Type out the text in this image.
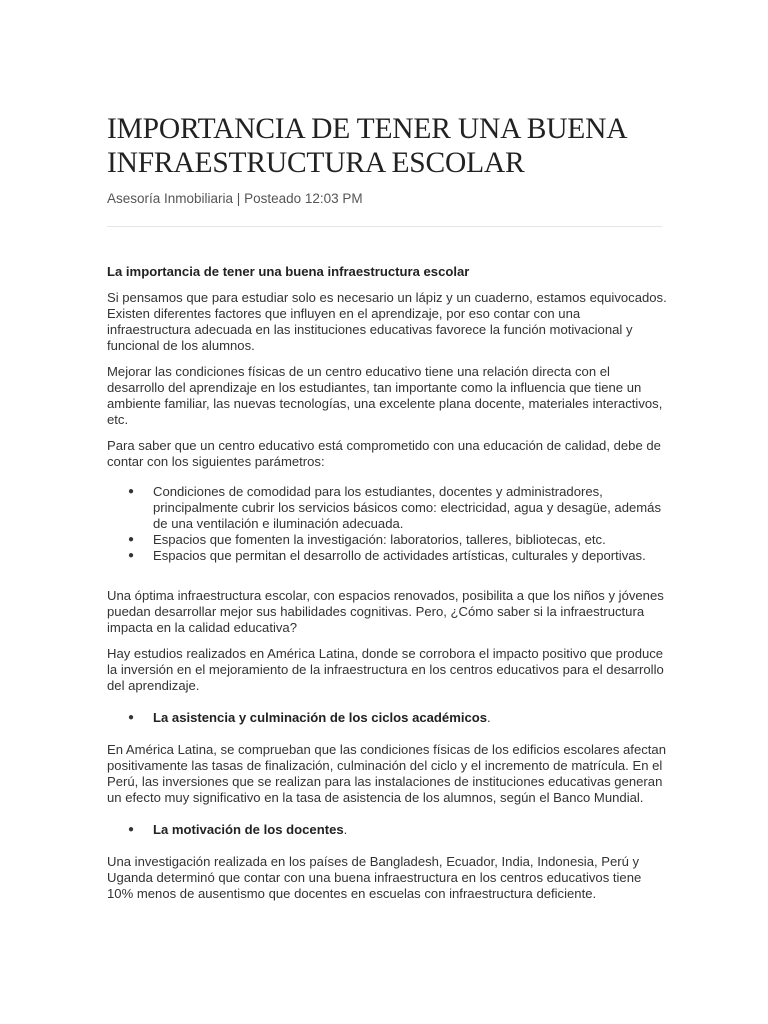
IMPORTANCIA DE TENER UNA BUENA INFRAESTRUCTURA ESCOLAR
Asesoría Inmobiliaria | Posteado 12:03 PM
La importancia de tener una buena infraestructura escolar

Si pensamos que para estudiar solo es necesario un lápiz y un cuaderno, estamos equivocados. Existen diferentes factores que influyen en el aprendizaje, por eso contar con una infraestructura adecuada en las instituciones educativas favorece la función motivacional y funcional de los alumnos.

Mejorar las condiciones físicas de un centro educativo tiene una relación directa con el desarrollo del aprendizaje en los estudiantes, tan importante como la influencia que tiene un ambiente familiar, las nuevas tecnologías, una excelente plana docente, materiales interactivos, etc.

Para saber que un centro educativo está comprometido con una educación de calidad, debe de contar con los siguientes parámetros:

● Condiciones de comodidad para los estudiantes, docentes y administradores, principalmente cubrir los servicios básicos como: electricidad, agua y desagüe, además de una ventilación e iluminación adecuada.
● Espacios que fomenten la investigación: laboratorios, talleres, bibliotecas, etc.
● Espacios que permitan el desarrollo de actividades artísticas, culturales y deportivas.

Una óptima infraestructura escolar, con espacios renovados, posibilita a que los niños y jóvenes puedan desarrollar mejor sus habilidades cognitivas. Pero, ¿Cómo saber si la infraestructura impacta en la calidad educativa?

Hay estudios realizados en América Latina, donde se corrobora el impacto positivo que produce la inversión en el mejoramiento de la infraestructura en los centros educativos para el desarrollo del aprendizaje.

● La asistencia y culminación de los ciclos académicos.

En América Latina, se comprueban que las condiciones físicas de los edificios escolares afectan positivamente las tasas de finalización, culminación del ciclo y el incremento de matrícula. En el Perú, las inversiones que se realizan para las instalaciones de instituciones educativas generan un efecto muy significativo en la tasa de asistencia de los alumnos, según el Banco Mundial.

● La motivación de los docentes.

Una investigación realizada en los países de Bangladesh, Ecuador, India, Indonesia, Perú y Uganda determinó que contar con una buena infraestructura en los centros educativos tiene 10% menos de ausentismo que docentes en escuelas con infraestructura deficiente.
